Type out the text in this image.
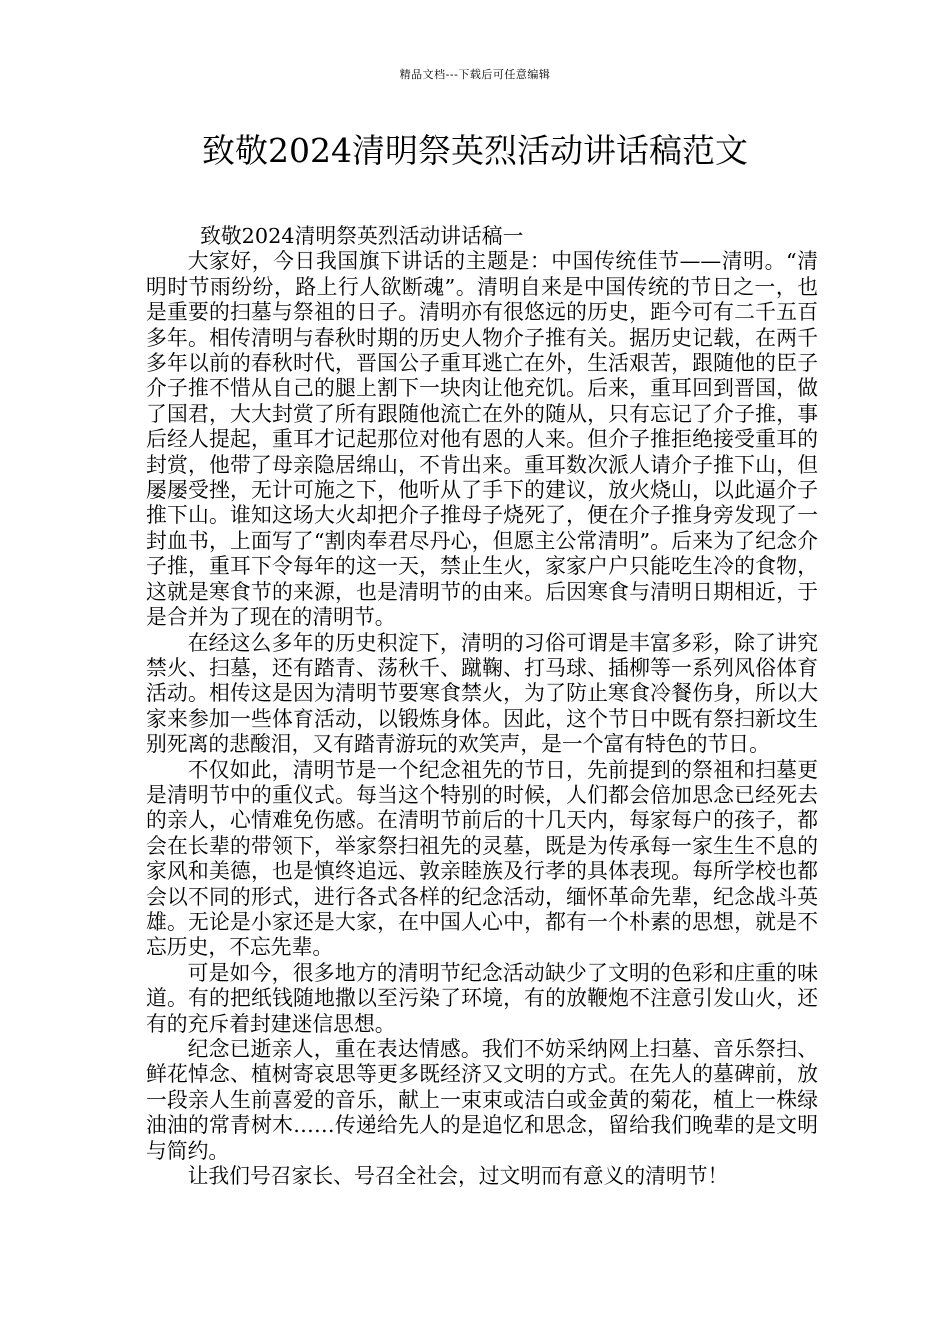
精品文档---下载后可任意编辑
致敬2024清明祭英烈活动讲话稿范文

致敬2024清明祭英烈活动讲话稿一

大家好，今日我国旗下讲话的主题是：中国传统佳节——清明。“清明时节雨纷纷，路上行人欲断魂”。清明自来是中国传统的节日之一，也是重要的扫墓与祭祖的日子。清明亦有很悠远的历史，距今可有二千五百多年。相传清明与春秋时期的历史人物介子推有关。据历史记载，在两千多年以前的春秋时代，晋国公子重耳逃亡在外，生活艰苦，跟随他的臣子介子推不惜从自己的腿上割下一块肉让他充饥。后来，重耳回到晋国，做了国君，大大封赏了所有跟随他流亡在外的随从，只有忘记了介子推，事后经人提起，重耳才记起那位对他有恩的人来。但介子推拒绝接受重耳的封赏，他带了母亲隐居绵山，不肯出来。重耳数次派人请介子推下山，但屡屡受挫，无计可施之下，他听从了手下的建议，放火烧山，以此逼介子推下山。谁知这场大火却把介子推母子烧死了，便在介子推身旁发现了一封血书，上面写了“割肉奉君尽丹心，但愿主公常清明”。后来为了纪念介子推，重耳下令每年的这一天，禁止生火，家家户户只能吃生冷的食物，这就是寒食节的来源，也是清明节的由来。后因寒食与清明日期相近，于是合并为了现在的清明节。

在经这么多年的历史积淀下，清明的习俗可谓是丰富多彩，除了讲究禁火、扫墓，还有踏青、荡秋千、蹴鞠、打马球、插柳等一系列风俗体育活动。相传这是因为清明节要寒食禁火，为了防止寒食冷餐伤身，所以大家来参加一些体育活动，以锻炼身体。因此，这个节日中既有祭扫新坟生别死离的悲酸泪，又有踏青游玩的欢笑声，是一个富有特色的节日。

不仅如此，清明节是一个纪念祖先的节日，先前提到的祭祖和扫墓更是清明节中的重仪式。每当这个特别的时候，人们都会倍加思念已经死去的亲人，心情难免伤感。在清明节前后的十几天内，每家每户的孩子，都会在长辈的带领下，举家祭扫祖先的灵墓，既是为传承每一家生生不息的家风和美德，也是慎终追远、敦亲睦族及行孝的具体表现。每所学校也都会以不同的形式，进行各式各样的纪念活动，缅怀革命先辈，纪念战斗英雄。无论是小家还是大家，在中国人心中，都有一个朴素的思想，就是不忘历史，不忘先辈。

可是如今，很多地方的清明节纪念活动缺少了文明的色彩和庄重的味道。有的把纸钱随地撒以至污染了环境，有的放鞭炮不注意引发山火，还有的充斥着封建迷信思想。

纪念已逝亲人，重在表达情感。我们不妨采纳网上扫墓、音乐祭扫、鲜花悼念、植树寄哀思等更多既经济又文明的方式。在先人的墓碑前，放一段亲人生前喜爱的音乐，献上一束束或洁白或金黄的菊花，植上一株绿油油的常青树木……传递给先人的是追忆和思念，留给我们晚辈的是文明与简约。

让我们号召家长、号召全社会，过文明而有意义的清明节！
